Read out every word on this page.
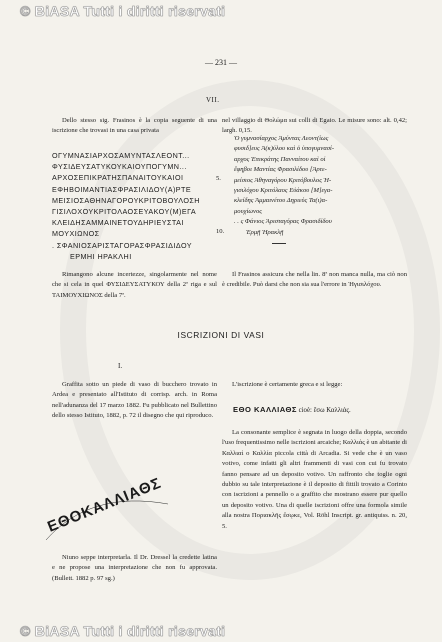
© BiASA Tutti i diritti riservati
— 231 —
VII.
Dello stesso sig. Frasinos è la copia seguente di una iscrizione che trovasi in una casa privata
nel villaggio di Θολώμα sui colli di Egaio. Le misure sono: alt. 0,42; largh. 0,15.
ΟΓΥΜΝΑΣΙΑΡΧΟΣΑΜΥΝΤΑΣΛΕΟΝΤ...
ΦΥΣΙΔΕΥΣΑΤΥΚΟΥΚΑΙΟΥΠΟΓΥΜΝ...
ΑΡΧΟΣΕΠΙΚΡΑΤΗΣΠΑΝΑΙΤΟΥΚΑΙΟΙ
ΕΦΗΒΟΙΜΑΝΤΙΑΣΦΡΑΣΙΛΙΔΟΥ(Α)ΡΤΕ
ΜΕΙΣΙΟΣΑΘΗΝΑΓΟΡΟΥΚΡΙΤΟΒΟΥΛΟΣΗ
ΓΙΣΙΛΟΧΟΥΚΡΙΤΟΛΑΟΣΕΥΑΚΟΥ(Μ)ΕΓΑ
ΚΛΕΙΔΗΣΑΜΜΑΙΝΕΤΟΥΔΗΡΙΕΥΣΤΑΙ
ΜΟΥΧΙΩΝΟΣ
. ΣΦΑΝΙΟΣΑΡΙΣΤΑΓΟΡΑΣΦΡΑΣΙΔΙΔΟΥ
ΕΡΜΗΙ ΗΡΑΚΛΗΙ
Ὁ γυμνασίαρχος Ἀμύντας Λεοντ(ίως
φυσιδ]ευς Ἀ(κ)ύλου καὶ ὁ ὑπογυμνασί-
αρχος Ἐπικράτης Πανναίτου καὶ οἱ
ἔφηβοι Μαντίας Φρασιλίδου [Ἀρτε-
μείσιος Ἀθηναγόρου Κριτόβουλος Ἡ-
γισιλόχου Κριτόλαος Εὐάκου [Μ]εγα-
κλείδης Ἀμμαινέτου Δηριεύς Τα(ι)α-
μουχίωνος
. . ς Φάνιος Ἀρισταγόρας Φρασιδίδου
Ἑρμῇ Ἡρακλῇ
5.
10.
Rimangono alcune incertezze, singolarmente nel nome che si cela in quel ΦΥΣΙΔΕΥΣΑΤΥΚΟΥ della 2ª riga e sul ΤΑΙΜΟΥΧΙΩΝΟΣ della 7ª.
Il Frasinos assicura che nella lin. 8ª non manca nulla, ma ciò non è credibile. Può darsi che non sia sua l'errore in Ἡγισιλόχου.
ISCRIZIONI DI VASI
I.
Graffita sotto un piede di vaso di bucchero trovato in Ardea e presentato all'Istituto di corrisp. arch. in Roma nell'adunanza del 17 marzo 1882. Fu pubblicato nel Bullettino dello stesso Istituto, 1882, p. 72 il disegno che qui riproduco.
L'iscrizione è certamente greca e si legge:
ΕΘΟ ΚΑΛΛΙΑΘΣ cioè: ἔσω Καλλιάς.
La consonante semplice è segnata in luogo della doppia, secondo l'uso frequentissimo nelle iscrizioni arcaiche; Καλλιάς è un abitante di Καλλιαί o Καλλία piccola città di Arcadia. Si vede che è un vaso votivo, come infatti gli altri frammenti di vasi con cui fu trovato fanno pensare ad un deposito votivo. Un raffronto che toglie ogni dubbio su tale interpretazione è il deposito di fittili trovato a Corinto con iscrizioni a pennello o a graffito che mostrano essere pur quello un deposito votivo. Una di quelle iscrizioni offre una formola simile alla nostra Ποριακλῆς ἔσῳκε, Vol. Röhl Inscript. gr. antiquiss. n. 20, 5.
ΕΘΟΚΑΛΛΙΑΘΣ
Niuno seppe interpretarla. Il Dr. Dressel la credette latina e ne propose una interpretazione che non fu approvata. (Bullett. 1882 p. 97 sg.)
© BiASA Tutti i diritti riservati
